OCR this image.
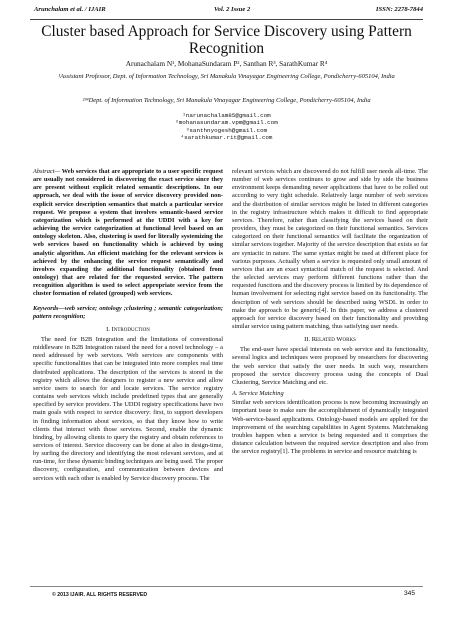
Arunchalam et al. / IJAIR	Vol. 2 Issue 2	ISSN: 2278-7844
Cluster based Approach for Service Discovery using Pattern Recognition
Arunachalam N¹, MohanaSundaram P², Santhan R³, SarathKumar R⁴
¹Assistant Professor, Dept. of Information Technology, Sri Manakula Vinayagar Engineering College, Pondicherry-605104, India
²³⁴Dept. of Information Technology, Sri Manakula Vinayagar Engineering College, Pondicherry-605104, India
¹narunachalam85@gmail.com
²mohanasundaram.vpm@gmail.com
³santhnyogesh@gmail.com
⁴sarathkumar.rit@gmail.com

Abstract— Web services that are appropriate to a user specific request are usually not considered in discovering the exact service since they are present without explicit related semantic descriptions. In our approach, we deal with the issue of service discovery provided non-explicit service description semantics that match a particular service request. We propose a system that involves semantic-based service categorization which is performed at the UDDI with a key for achieving the service categorization at functional level based on an ontology skeleton. Also, clustering is used for literally systemizing the web services based on functionality which is achieved by using analytic algorithm. An efficient matching for the relevant services is achieved by the enhancing the service request semantically and involves expanding the additional functionality (obtained from ontology) that are related for the requested service. The pattern recognition algorithm is used to select appropriate service from the cluster formation of related (grouped) web services.

Keywords—web service; ontology ;clustering ; semantic categorization; pattern recognition;

I. Introduction

The need for B2B Integration and the limitations of conventional middleware in B2B Integration raised the need for a novel technology – a need addressed by web services. Web services are components with specific functionalities that can be integrated into more complex real time distributed applications. The description of the services is stored in the registry which allows the designers to register a new service and allow service users to search for and locate services. The service registry contains web services which include predefined types that are generally specified by service providers. The UDDI registry specifications have two main goals with respect to service discovery: first, to support developers in finding information about services, so that they know how to write clients that interact with those services. Second, enable the dynamic binding, by allowing clients to query the registry and obtain references to services of interest. Service discovery can be done at also in design-time, by surfing the directory and identifying the most relevant services, and at run-time, for these dynamic binding techniques are being used. The proper discovery, configuration, and communication between devices and services with each other is enabled by Service discovery process. The

relevant services which are discovered do not fulfill user needs all-time. The number of web services continues to grow and side by side the business environment keeps demanding newer applications that have to be rolled out according to very tight schedule. Relatively large number of web services and the distribution of similar services might be listed in different categories in the registry infrastructure which makes it difficult to find appropriate services. Therefore, rather than classifying the services based on their providers, they must be categorized on their functional semantics. Services categorized on their functional semantics will facilitate the organization of similar services together. Majority of the service description that exists so far are syntactic in nature. The same syntax might be used at different place for various purposes. Actually when a service is requested only small amount of services that are an exact syntactical match of the request is selected. And the selected services may perform different functions rather than the requested functions and the discovery process is limited by its dependence of human involvement for selecting right service based on its functionality. The description of web services should be described using WSDL in order to make the approach to be generic[4]. In this paper, we address a clustered approach for service discovery based on their functionality and providing similar service using pattern matching, thus satisfying user needs.

II. Related Works

The end-user have special interests on web service and its functionality, several logics and techniques were proposed by researchers for discovering the web service that satisfy the user needs. In such way, researchers proposed the service discovery process using the concepts of Dual Clustering, Service Matching and etc.

A. Service Matching

Similar web services identification process is now becoming increasingly an important issue to make sure the accomplishment of dynamically integrated Web-service-based applications. Ontology-based models are applied for the improvement of the searching capabilities in Agent Systems. Matchmaking troubles happen when a service is being requested and it comprises the distance calculation between the required service description and also from the service registry[1]. The problems in service and resource matching is

© 2013 IJAIR. ALL RIGHTS RESERVED	345
